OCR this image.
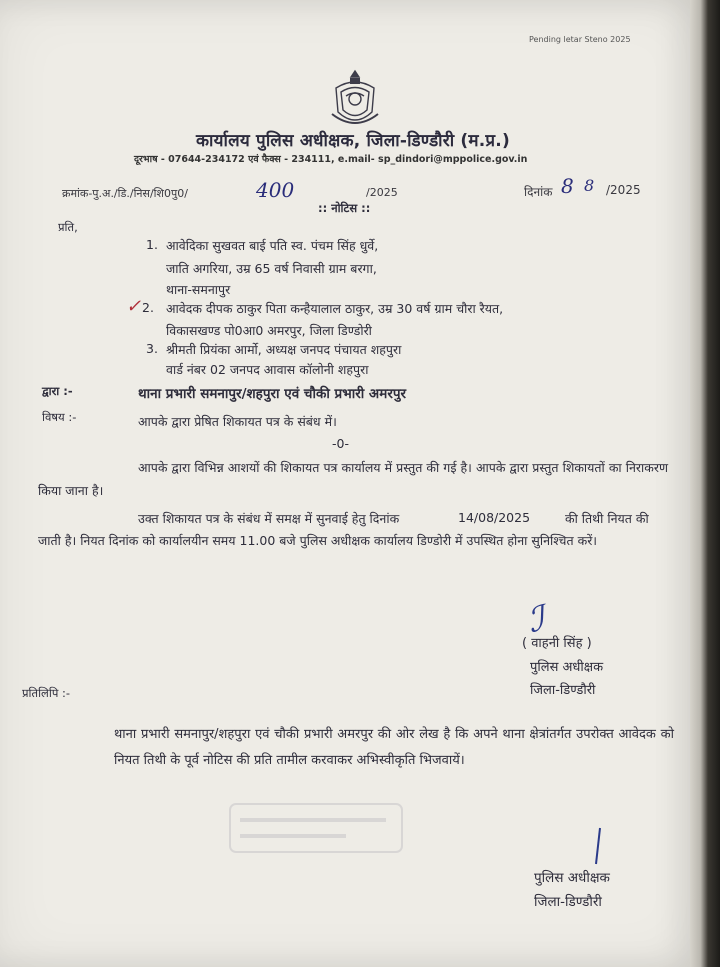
Pending letar Steno 2025
कार्यालय पुलिस अधीक्षक, जिला-डिण्डौरी (म.प्र.)
दूरभाष - 07644-234172 एवं फैक्स - 234111, e.mail- sp_dindori@mppolice.gov.in
क्रमांक-पु.अ./डि./निस/शि0पु0/	400	/2025	दिनांक 8 8 /2025
:: नोटिस ::
प्रति,
1. आवेदिका सुखवत बाई पति स्व. पंचम सिंह धुर्वे,
जाति अगरिया, उम्र 65 वर्ष निवासी ग्राम बरगा,
थाना-समनापुर
✓ 2. आवेदक दीपक ठाकुर पिता कन्हैयालाल ठाकुर, उम्र 30 वर्ष ग्राम चौरा रैयत,
विकासखण्ड पो0आ0 अमरपुर, जिला डिण्डोरी
3. श्रीमती प्रियंका आर्मो, अध्यक्ष जनपद पंचायत शहपुरा
वार्ड नंबर 02 जनपद आवास कॉलोनी शहपुरा
द्वारा :-	थाना प्रभारी समनापुर/शहपुरा एवं चौकी प्रभारी अमरपुर
विषय :-	आपके द्वारा प्रेषित शिकायत पत्र के संबंध में।
-0-
आपके द्वारा विभिन्न आशयों की शिकायत पत्र कार्यालय में प्रस्तुत की गई है। आपके द्वारा प्रस्तुत शिकायतों का निराकरण किया जाना है।
उक्त शिकायत पत्र के संबंध में समक्ष में सुनवाई हेतु दिनांक	14/08/2025	की तिथी नियत की
जाती है। नियत दिनांक को कार्यालयीन समय 11.00 बजे पुलिस अधीक्षक कार्यालय डिण्डोरी में उपस्थित होना सुनिश्चित करें।
ℐ
( वाहनी सिंह )
पुलिस अधीक्षक
जिला-डिण्डौरी
प्रतिलिपि :-
थाना प्रभारी समनापुर/शहपुरा एवं चौकी प्रभारी अमरपुर की ओर लेख है कि अपने थाना क्षेत्रांतर्गत उपरोक्त आवेदक को नियत तिथी के पूर्व नोटिस की प्रति तामील करवाकर अभिस्वीकृति भिजवायें।
पुलिस अधीक्षक
जिला-डिण्डौरी
